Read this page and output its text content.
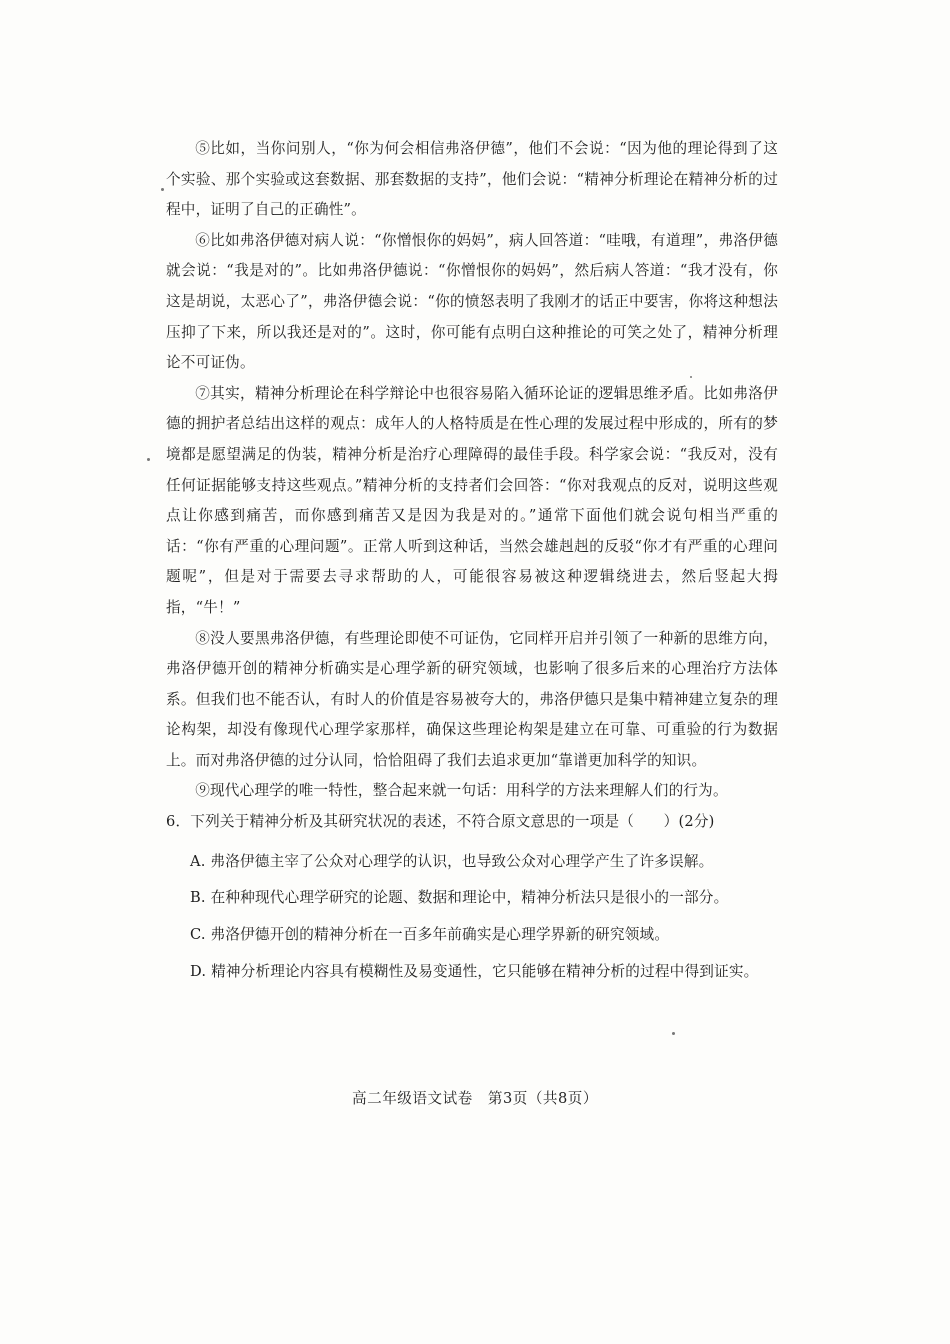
⑤比如，当你问别人，“你为何会相信弗洛伊德”，他们不会说：“因为他的理论得到了这个实验、那个实验或这套数据、那套数据的支持”，他们会说：“精神分析理论在精神分析的过程中，证明了自己的正确性”。

⑥比如弗洛伊德对病人说：“你憎恨你的妈妈”，病人回答道：“哇哦，有道理”，弗洛伊德就会说：“我是对的”。比如弗洛伊德说：“你憎恨你的妈妈”，然后病人答道：“我才没有，你这是胡说，太恶心了”，弗洛伊德会说：“你的愤怒表明了我刚才的话正中要害，你将这种想法压抑了下来，所以我还是对的”。这时，你可能有点明白这种推论的可笑之处了，精神分析理论不可证伪。

⑦其实，精神分析理论在科学辩论中也很容易陷入循环论证的逻辑思维矛盾。比如弗洛伊德的拥护者总结出这样的观点：成年人的人格特质是在性心理的发展过程中形成的，所有的梦境都是愿望满足的伪装，精神分析是治疗心理障碍的最佳手段。科学家会说：“我反对，没有任何证据能够支持这些观点。”精神分析的支持者们会回答：“你对我观点的反对，说明这些观点让你感到痛苦，而你感到痛苦又是因为我是对的。”通常下面他们就会说句相当严重的话：“你有严重的心理问题”。正常人听到这种话，当然会雄赳赳的反驳“你才有严重的心理问题呢”，但是对于需要去寻求帮助的人，可能很容易被这种逻辑绕进去，然后竖起大拇指，“牛！”

⑧没人要黑弗洛伊德，有些理论即使不可证伪，它同样开启并引领了一种新的思维方向，弗洛伊德开创的精神分析确实是心理学新的研究领域，也影响了很多后来的心理治疗方法体系。但我们也不能否认，有时人的价值是容易被夸大的，弗洛伊德只是集中精神建立复杂的理论构架，却没有像现代心理学家那样，确保这些理论构架是建立在可靠、可重验的行为数据上。而对弗洛伊德的过分认同，恰恰阻碍了我们去追求更加“靠谱更加科学的知识。

⑨现代心理学的唯一特性，整合起来就一句话：用科学的方法来理解人们的行为。

6．下列关于精神分析及其研究状况的表述，不符合原文意思的一项是（　　）(2分)

A. 弗洛伊德主宰了公众对心理学的认识，也导致公众对心理学产生了许多误解。

B. 在种种现代心理学研究的论题、数据和理论中，精神分析法只是很小的一部分。

C. 弗洛伊德开创的精神分析在一百多年前确实是心理学界新的研究领域。

D. 精神分析理论内容具有模糊性及易变通性，它只能够在精神分析的过程中得到证实。

高二年级语文试卷　第3页（共8页）
